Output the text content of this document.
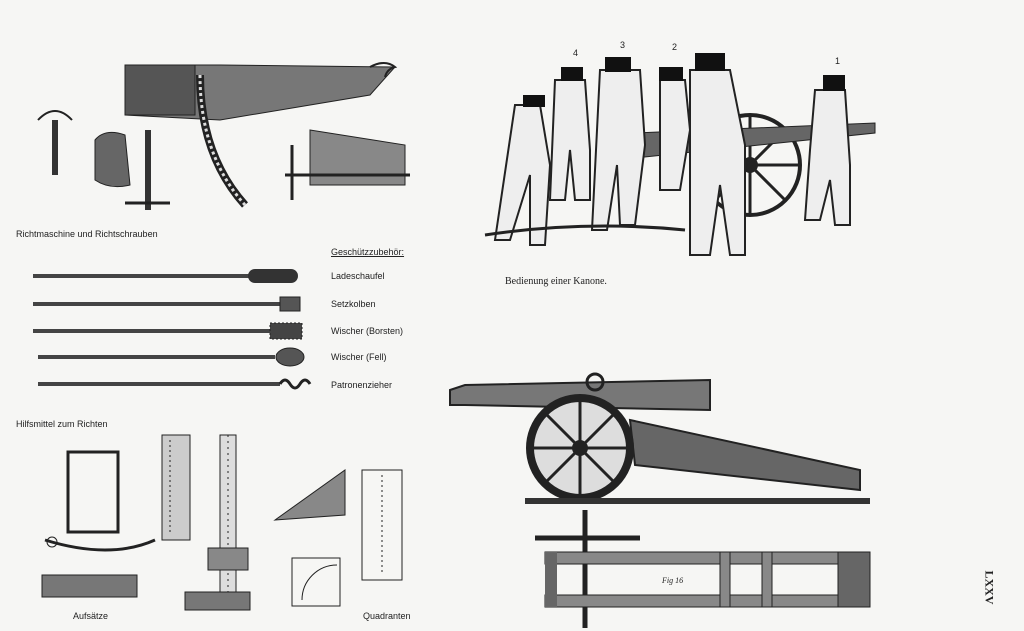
Richtmaschine und Richtschrauben
Geschützzubehör:
Ladeschaufel
Setzkolben
Wischer (Borsten)
Wischer (Fell)
Patronenzieher
Hilfsmittel zum Richten
Aufsätze	Quadranten
4
3	2
1
Bedienung einer Kanone.
Fig 16	LXXV
